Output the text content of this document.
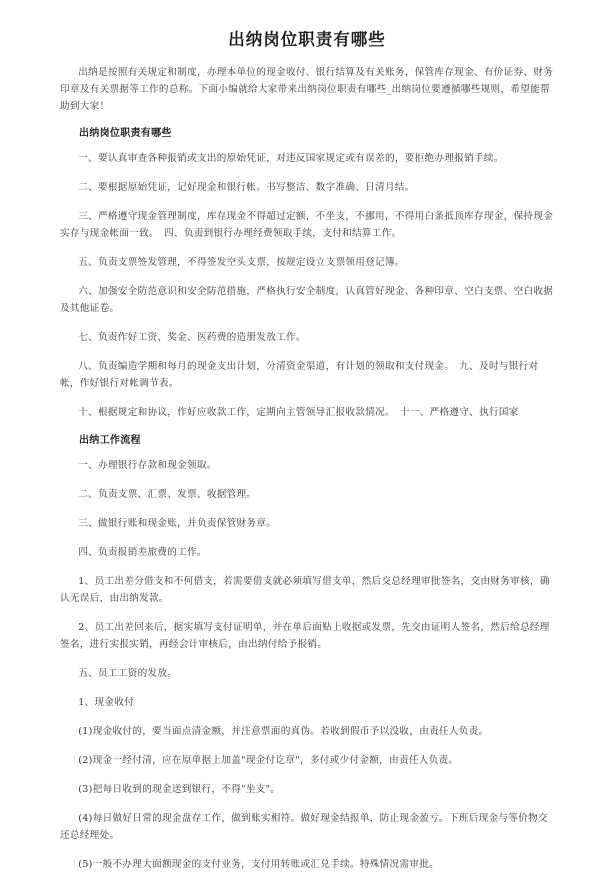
出纳岗位职责有哪些

出纳是按照有关规定和制度，办理本单位的现金收付、银行结算及有关账务，保管库存现金、有价证券、财务印章及有关票据等工作的总称。下面小编就给大家带来出纳岗位职责有哪些_出纳岗位要遵循哪些规则，希望能帮助到大家！

出纳岗位职责有哪些

一、要认真审查各种报销或支出的原始凭证，对违反国家规定或有误差的，要拒绝办理报销手续。

二、要根据原始凭证，记好现金和银行帐。书写整洁、数字准确、日清月结。

三、严格遵守现金管理制度，库存现金不得超过定额，不坐支，不挪用，不得用白条抵顶库存现金，保持现金实存与现金帐面一致。　四、负责到银行办理经费领取手续，支付和结算工作。

五、负责支票签发管理，不得签发空头支票，按规定设立支票领用登记簿。

六、加强安全防范意识和安全防范措施，严格执行安全制度，认真管好现金、各种印章、空白支票、空白收据及其他证卷。

七、负责作好工资、奖金、医药费的造册发放工作。

八、负责编造学期和每月的现金支出计划，分清资金渠道，有计划的领取和支付现金。　九、及时与银行对帐，作好银行对帐调节表。

十、根据规定和协议，作好应收款工作，定期向主管领导汇报收款情况。　十一、严格遵守、执行国家

出纳工作流程

一、办理银行存款和现金领取。

二、负责支票、汇票、发票、收据管理。

三、做银行账和现金账，并负责保管财务章。

四、负责报销差旅费的工作。

1、员工出差分借支和不何借支，若需要借支就必须填写借支单，然后交总经理审批签名，交由财务审核，确认无误后，由出纳发款。

2、员工出差回来后，据实填写支付证明单，并在单后面贴上收据或发票，先交由证明人签名，然后给总经理签名，进行实报实销，再经会计审核后，由出纳付给予报销。

五、员工工资的发放。

1、现金收付

(1)现金收付的，要当面点清金额，并注意票面的真伪。若收到假币予以没收，由责任人负责。

(2)现金一经付清，应在原单据上加盖"现金付讫章"，多付或少付金额，由责任人负责。

(3)把每日收到的现金送到银行，不得"坐支"。

(4)每日做好日常的现金盘存工作，做到账实相符。做好现金结报单，防止现金盈亏。下班后现金与等价物交还总经理处。

(5)一般不办理大面额现金的支付业务，支付用转账或汇兑手续。特殊情况需审批。
